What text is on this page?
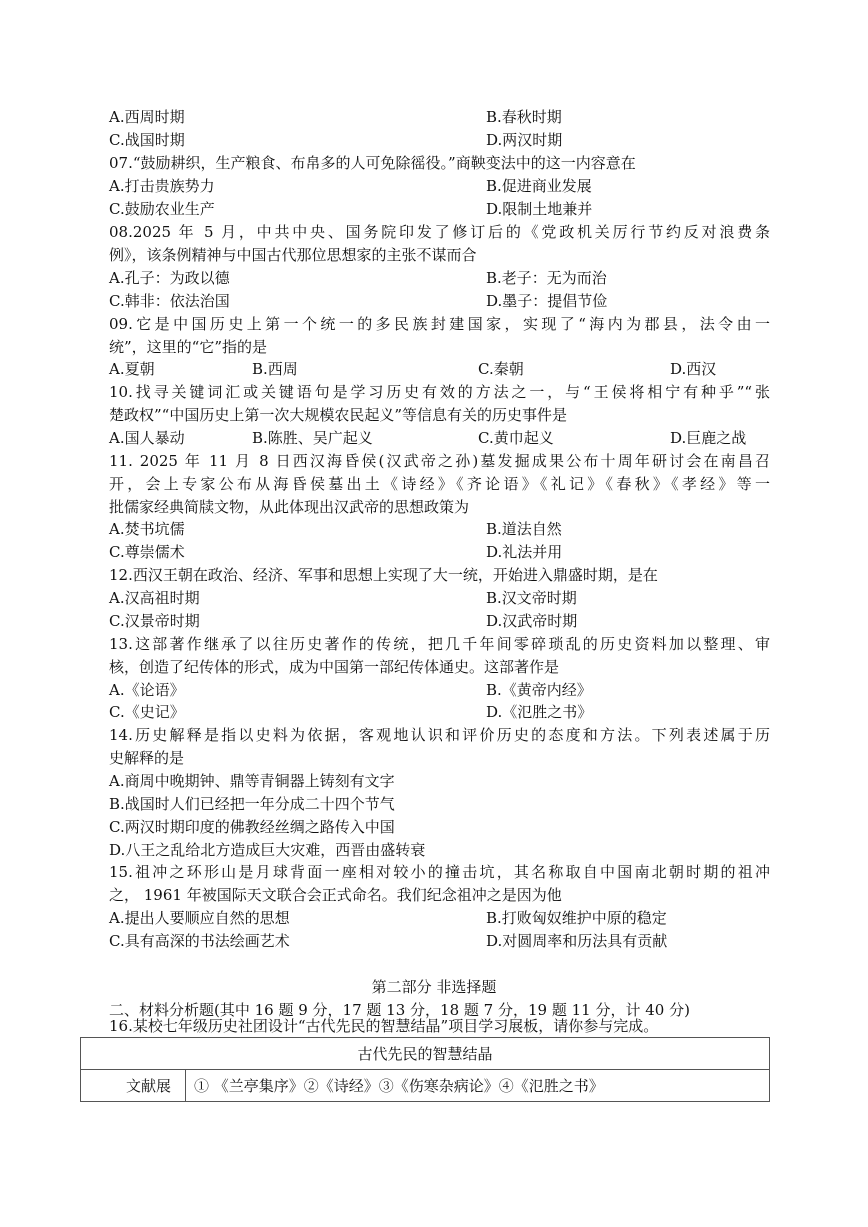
A.西周时期	B.春秋时期
C.战国时期	D.两汉时期
07.“鼓励耕织，生产粮食、布帛多的人可免除徭役。”商鞅变法中的这一内容意在
A.打击贵族势力	B.促进商业发展
C.鼓励农业生产	D.限制土地兼并
08.2025 年 5 月，中共中央、国务院印发了修订后的《党政机关厉行节约反对浪费条
例》，该条例精神与中国古代那位思想家的主张不谋而合
A.孔子：为政以德	B.老子：无为而治
C.韩非：依法治国	D.墨子：提倡节俭
09.它是中国历史上第一个统一的多民族封建国家，实现了“海内为郡县，法令由一
统”，这里的“它”指的是
A.夏朝	B.西周	C.秦朝	D.西汉
10.找寻关键词汇或关键语句是学习历史有效的方法之一，与“王侯将相宁有种乎”“张
楚政权”“中国历史上第一次大规模农民起义”等信息有关的历史事件是
A.国人暴动	B.陈胜、吴广起义	C.黄巾起义	D.巨鹿之战
11. 2025 年 11 月 8 日西汉海昏侯(汉武帝之孙)墓发掘成果公布十周年研讨会在南昌召
开，会上专家公布从海昏侯墓出土《诗经》《齐论语》《礼记》《春秋》《孝经》等一
批儒家经典简牍文物，从此体现出汉武帝的思想政策为
A.焚书坑儒	B.道法自然
C.尊崇儒术	D.礼法并用
12.西汉王朝在政治、经济、军事和思想上实现了大一统，开始进入鼎盛时期，是在
A.汉高祖时期	B.汉文帝时期
C.汉景帝时期	D.汉武帝时期
13.这部著作继承了以往历史著作的传统，把几千年间零碎琐乱的历史资料加以整理、审
核，创造了纪传体的形式，成为中国第一部纪传体通史。这部著作是
A.《论语》	B.《黄帝内经》
C.《史记》	D.《氾胜之书》
14.历史解释是指以史料为依据，客观地认识和评价历史的态度和方法。下列表述属于历
史解释的是
A.商周中晚期钟、鼎等青铜器上铸刻有文字
B.战国时人们已经把一年分成二十四个节气
C.两汉时期印度的佛教经丝绸之路传入中国
D.八王之乱给北方造成巨大灾难，西晋由盛转衰
15.祖冲之环形山是月球背面一座相对较小的撞击坑，其名称取自中国南北朝时期的祖冲
之， 1961 年被国际天文联合会正式命名。我们纪念祖冲之是因为他
A.提出人要顺应自然的思想	B.打败匈奴维护中原的稳定
C.具有高深的书法绘画艺术	D.对圆周率和历法具有贡献
第二部分 非选择题
二、材料分析题(其中 16 题 9 分，17 题 13 分，18 题 7 分，19 题 11 分，计 40 分)
16.某校七年级历史社团设计“古代先民的智慧结晶”项目学习展板，请你参与完成。
古代先民的智慧结晶
文献展	① 《兰亭集序》②《诗经》③《伤寒杂病论》④《氾胜之书》
